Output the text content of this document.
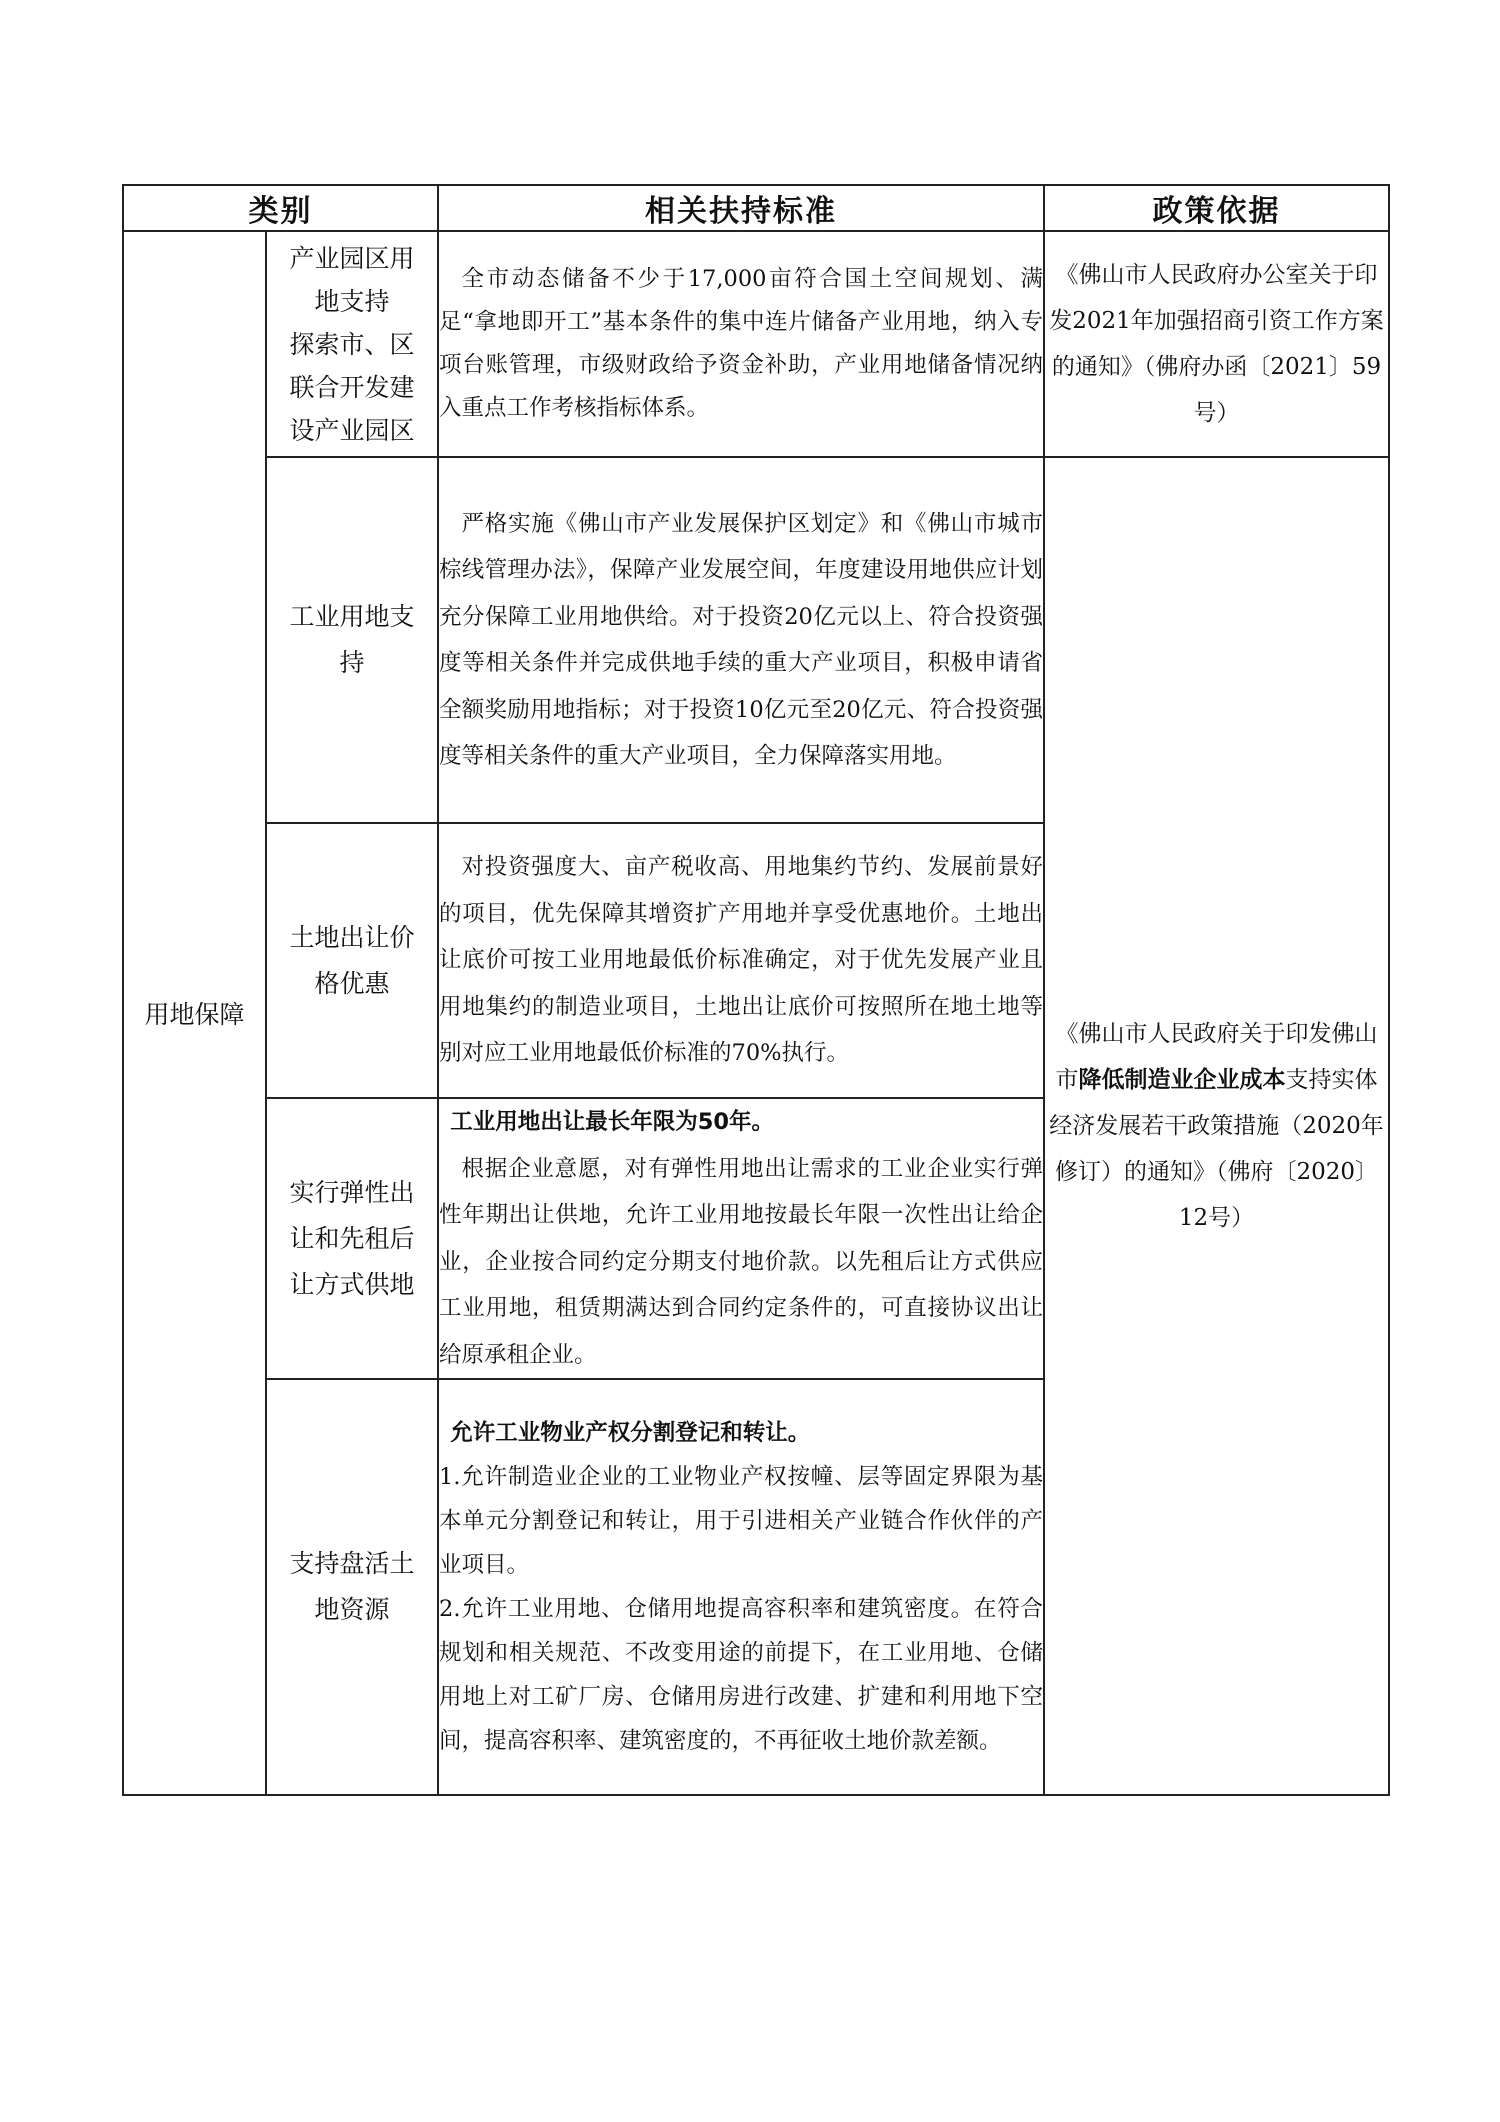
类别		相关扶持标准	政策依据
用地保障	产业园区用
地支持
探索市、区
联合开发建
设产业园区	全市动态储备不少于17,000亩符合国土空间规划、满足“拿地即开工”基本条件的集中连片储备产业用地，纳入专项台账管理，市级财政给予资金补助，产业用地储备情况纳入重点工作考核指标体系。	《佛山市人民政府办公室关于印发2021年加强招商引资工作方案的通知》（佛府办函〔2021〕59号）

	工业用地支
持	严格实施《佛山市产业发展保护区划定》和《佛山市城市棕线管理办法》，保障产业发展空间，年度建设用地供应计划充分保障工业用地供给。对于投资20亿元以上、符合投资强度等相关条件并完成供地手续的重大产业项目，积极申请省全额奖励用地指标；对于投资10亿元至20亿元、符合投资强度等相关条件的重大产业项目，全力保障落实用地。	《佛山市人民政府关于印发佛山市降低制造业企业成本支持实体经济发展若干政策措施（2020年修订）的通知》（佛府〔2020〕12号）

	土地出让价
格优惠	对投资强度大、亩产税收高、用地集约节约、发展前景好的项目，优先保障其增资扩产用地并享受优惠地价。土地出让底价可按工业用地最低价标准确定，对于优先发展产业且用地集约的制造业项目，土地出让底价可按照所在地土地等别对应工业用地最低价标准的70%执行。	

	实行弹性出
让和先租后
让方式供地	工业用地出让最长年限为50年。
根据企业意愿，对有弹性用地出让需求的工业企业实行弹性年期出让供地，允许工业用地按最长年限一次性出让给企业，企业按合同约定分期支付地价款。以先租后让方式供应工业用地，租赁期满达到合同约定条件的，可直接协议出让给原承租企业。	

	支持盘活土
地资源	允许工业物业产权分割登记和转让。
1.允许制造业企业的工业物业产权按幢、层等固定界限为基本单元分割登记和转让，用于引进相关产业链合作伙伴的产业项目。
2.允许工业用地、仓储用地提高容积率和建筑密度。在符合规划和相关规范、不改变用途的前提下，在工业用地、仓储用地上对工矿厂房、仓储用房进行改建、扩建和利用地下空间，提高容积率、建筑密度的，不再征收土地价款差额。	
